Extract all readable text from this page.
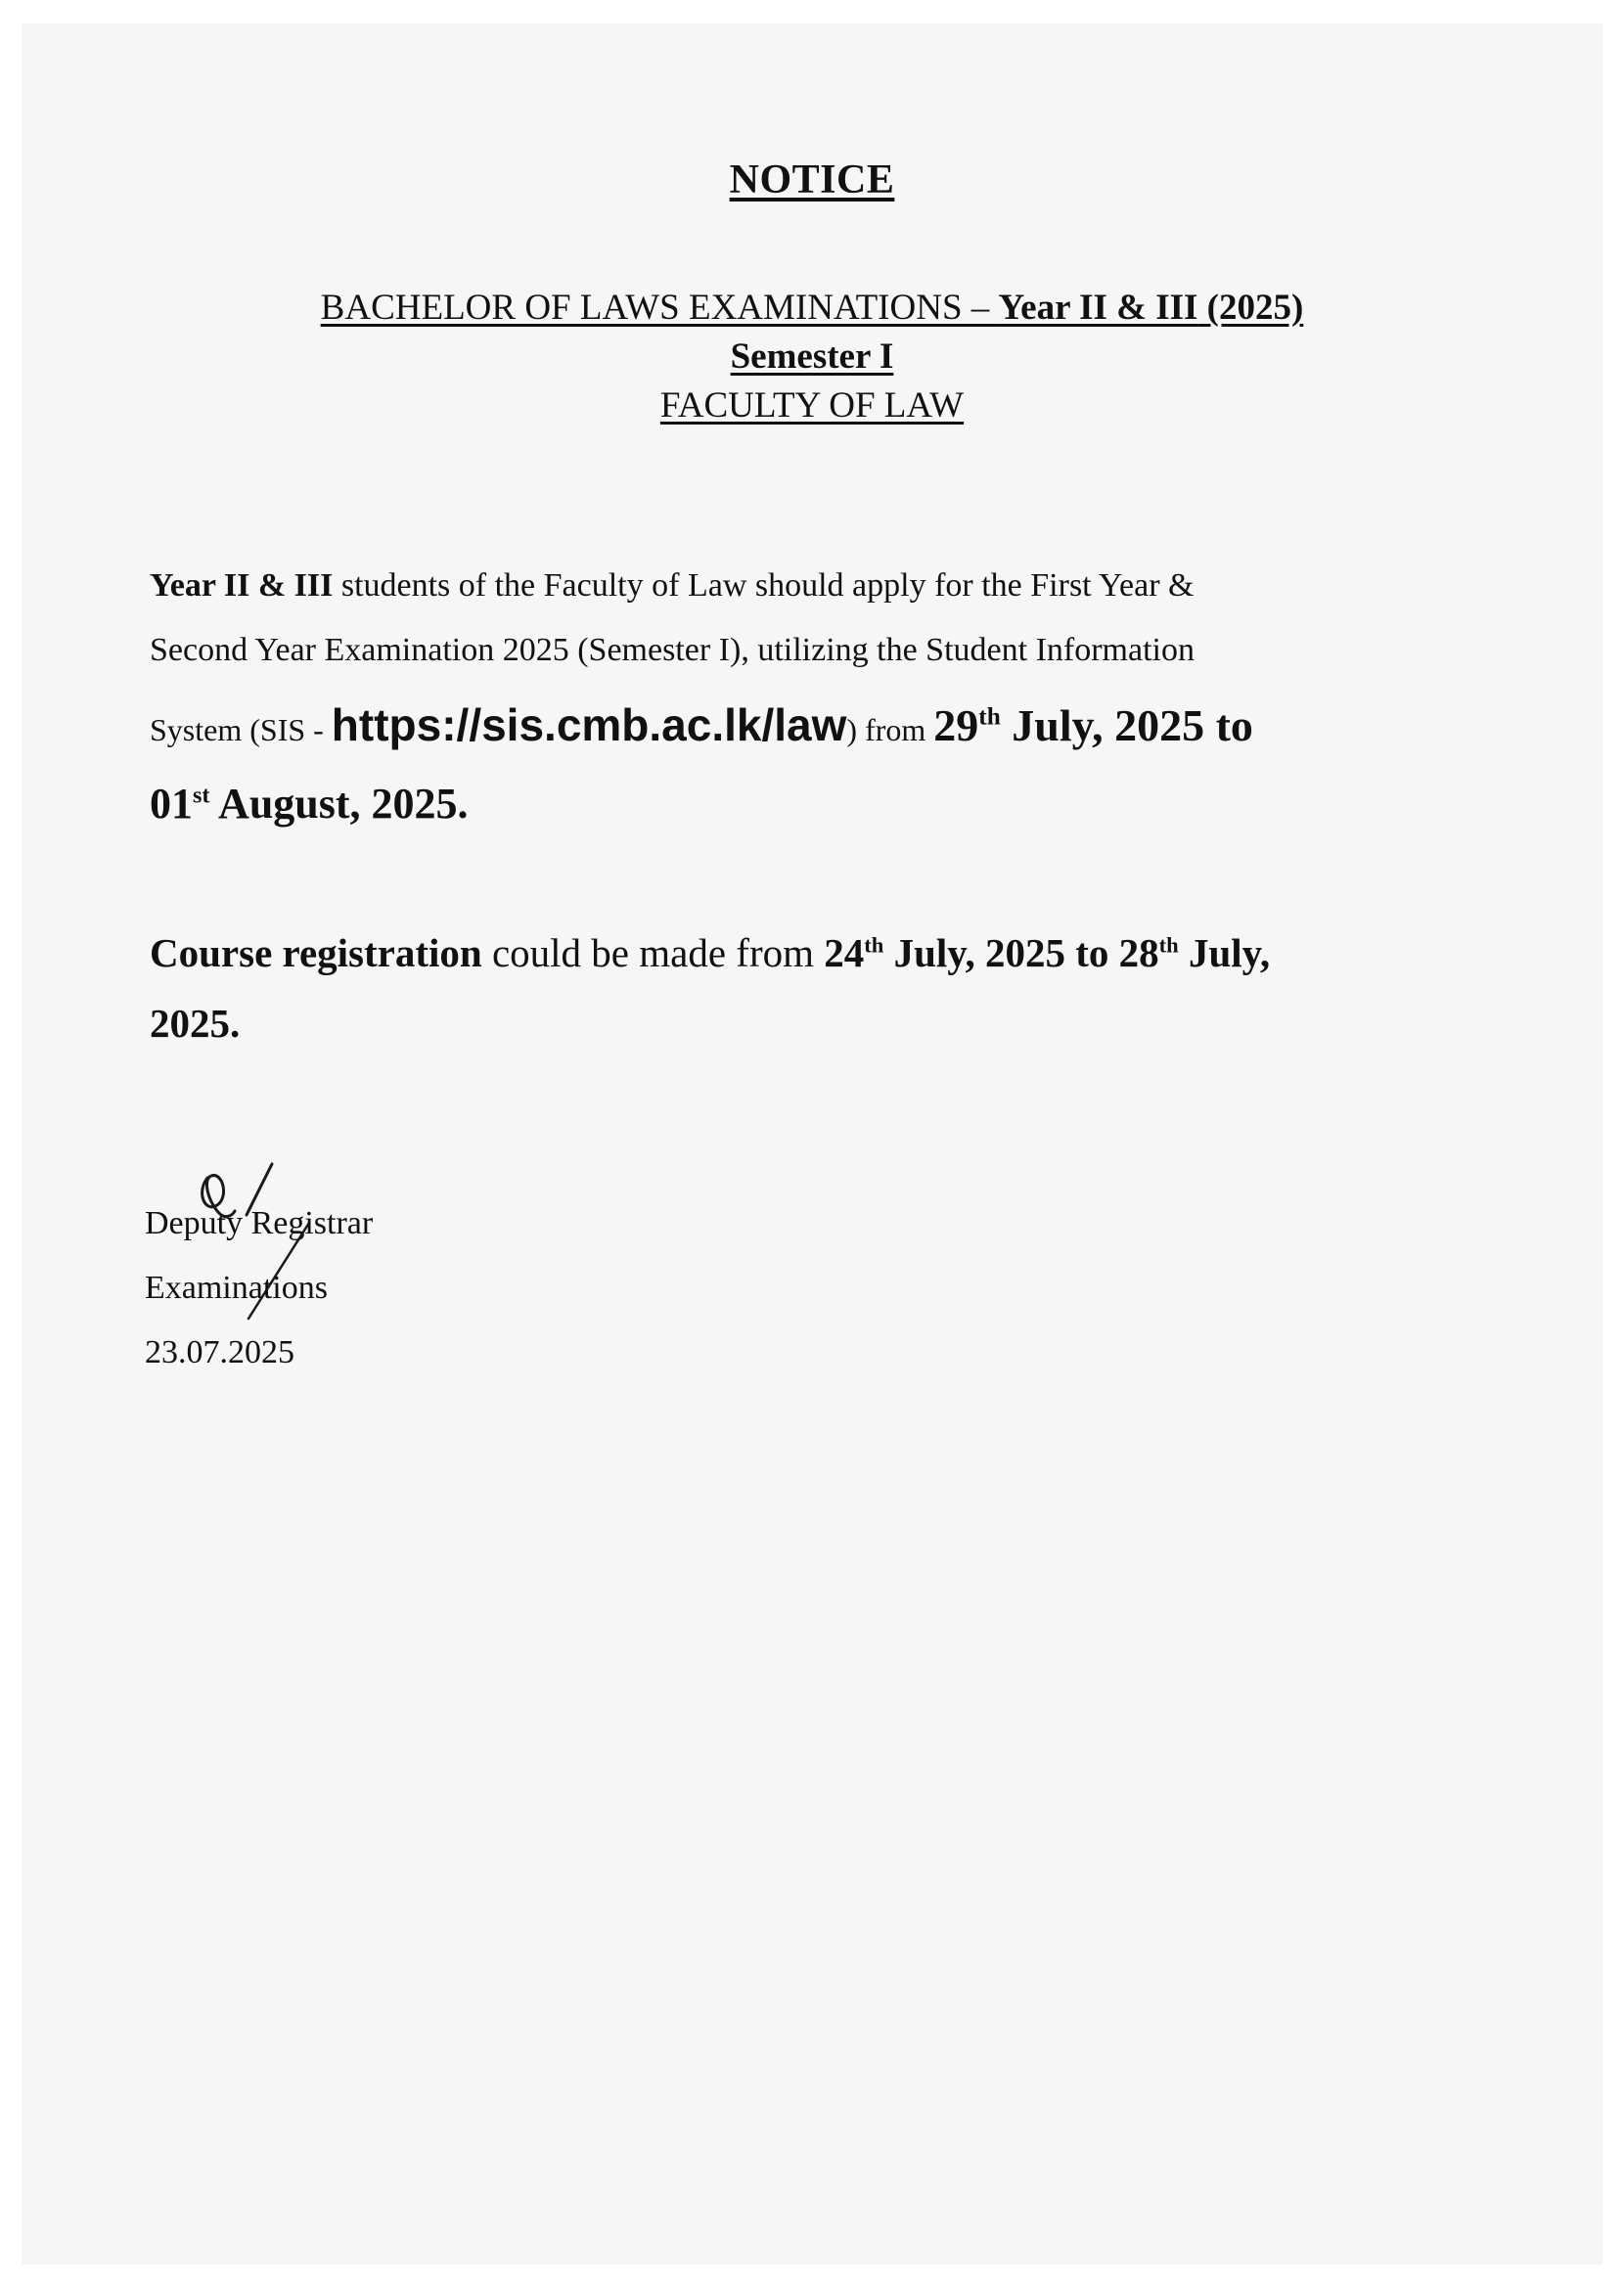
NOTICE
BACHELOR OF LAWS EXAMINATIONS – Year II & III (2025)
Semester I
FACULTY OF LAW
Year II & III students of the Faculty of Law should apply for the First Year &
Second Year Examination 2025 (Semester I), utilizing the Student Information
System (SIS - https://sis.cmb.ac.lk/law) from 29th July, 2025 to
01st August, 2025.
Course registration could be made from 24th July, 2025 to 28th July,
2025.
Deputy Registrar
Examinations
23.07.2025
